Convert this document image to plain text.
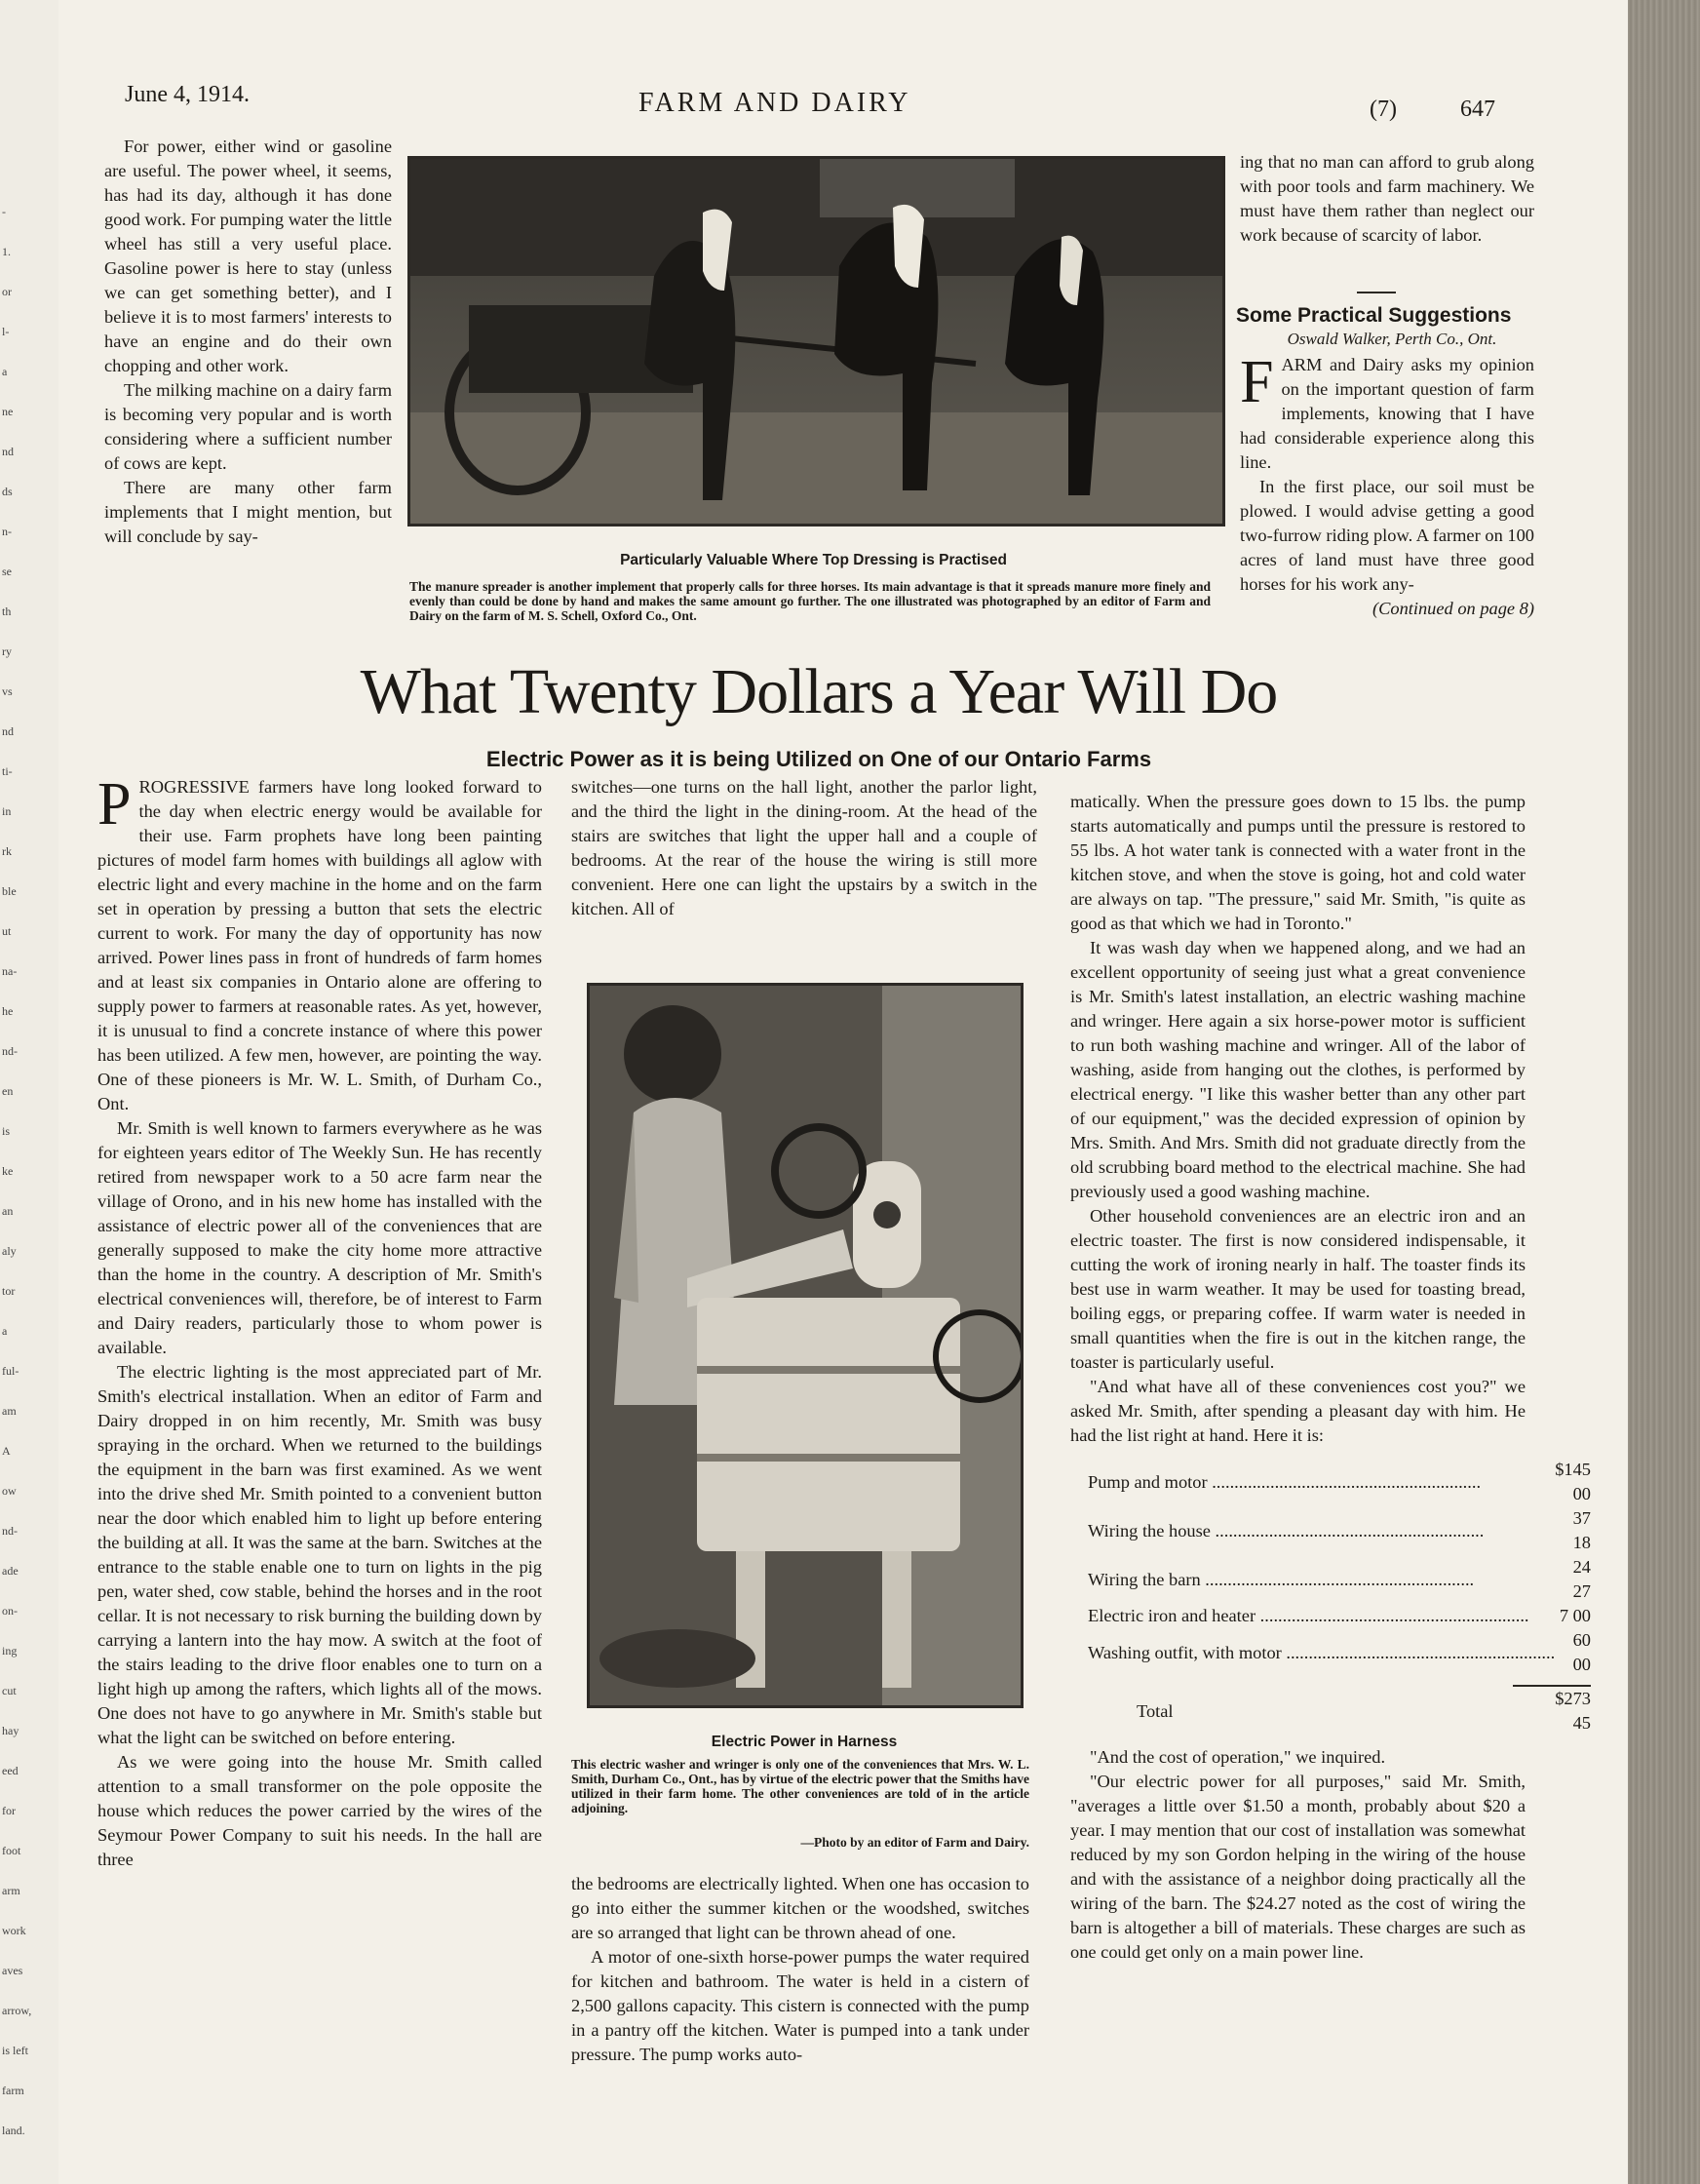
-
1.
or
l-
a
ne
nd
ds
n-
se
th
ry
vs
nd
ti-
in
rk
ble
ut
na-
he
nd-
en
is
ke
an
aly
tor
a
ful-
am
A
ow
nd-
ade
on-
ing
cut
hay
eed
for
foot
arm
work
aves
arrow,
is left
farm
land.
June 4, 1914.	FARM AND DAIRY	(7)	647

For power, either wind or gasoline are useful. The power wheel, it seems, has had its day, although it has done good work. For pumping water the little wheel has still a very useful place. Gasoline power is here to stay (unless we can get something better), and I believe it is to most farmers' interests to have an engine and do their own chopping and other work.

The milking machine on a dairy farm is becoming very popular and is worth considering where a sufficient number of cows are kept.

There are many other farm implements that I might mention, but will conclude by say-

Particularly Valuable Where Top Dressing is Practised
The manure spreader is another implement that properly calls for three horses. Its main advantage is that it spreads manure more finely and evenly than could be done by hand and makes the same amount go further. The one illustrated was photographed by an editor of Farm and Dairy on the farm of M. S. Schell, Oxford Co., Ont.

ing that no man can afford to grub along with poor tools and farm machinery. We must have them rather than neglect our work because of scarcity of labor.

Some Practical Suggestions
Oswald Walker, Perth Co., Ont.
F ARM and Dairy asks my opinion on the important question of farm implements, knowing that I have had considerable experience along this line.

In the first place, our soil must be plowed. I would advise getting a good two-furrow riding plow. A farmer on 100 acres of land must have three good horses for his work any-

(Continued on page 8)

What Twenty Dollars a Year Will Do
Electric Power as it is being Utilized on One of our Ontario Farms
P ROGRESSIVE farmers have long looked forward to the day when electric energy would be available for their use. Farm prophets have long been painting pictures of model farm homes with buildings all aglow with electric light and every machine in the home and on the farm set in operation by pressing a button that sets the electric current to work. For many the day of opportunity has now arrived. Power lines pass in front of hundreds of farm homes and at least six companies in Ontario alone are offering to supply power to farmers at reasonable rates. As yet, however, it is unusual to find a concrete instance of where this power has been utilized. A few men, however, are pointing the way. One of these pioneers is Mr. W. L. Smith, of Durham Co., Ont.

Mr. Smith is well known to farmers everywhere as he was for eighteen years editor of The Weekly Sun. He has recently retired from newspaper work to a 50 acre farm near the village of Orono, and in his new home has installed with the assistance of electric power all of the conveniences that are generally supposed to make the city home more attractive than the home in the country. A description of Mr. Smith's electrical conveniences will, therefore, be of interest to Farm and Dairy readers, particularly those to whom power is available.

The electric lighting is the most appreciated part of Mr. Smith's electrical installation. When an editor of Farm and Dairy dropped in on him recently, Mr. Smith was busy spraying in the orchard. When we returned to the buildings the equipment in the barn was first examined. As we went into the drive shed Mr. Smith pointed to a convenient button near the door which enabled him to light up before entering the building at all. It was the same at the barn. Switches at the entrance to the stable enable one to turn on lights in the pig pen, water shed, cow stable, behind the horses and in the root cellar. It is not necessary to risk burning the building down by carrying a lantern into the hay mow. A switch at the foot of the stairs leading to the drive floor enables one to turn on a light high up among the rafters, which lights all of the mows. One does not have to go anywhere in Mr. Smith's stable but what the light can be switched on before entering.

As we were going into the house Mr. Smith called attention to a small transformer on the pole opposite the house which reduces the power carried by the wires of the Seymour Power Company to suit his needs. In the hall are three

switches—one turns on the hall light, another the parlor light, and the third the light in the dining-room. At the head of the stairs are switches that light the upper hall and a couple of bedrooms. At the rear of the house the wiring is still more convenient. Here one can light the upstairs by a switch in the kitchen. All of

Electric Power in Harness
This electric washer and wringer is only one of the conveniences that Mrs. W. L. Smith, Durham Co., Ont., has by virtue of the electric power that the Smiths have utilized in their farm home. The other conveniences are told of in the article adjoining.
—Photo by an editor of Farm and Dairy.

the bedrooms are electrically lighted. When one has occasion to go into either the summer kitchen or the woodshed, switches are so arranged that light can be thrown ahead of one.

A motor of one-sixth horse-power pumps the water required for kitchen and bathroom. The water is held in a cistern of 2,500 gallons capacity. This cistern is connected with the pump in a pantry off the kitchen. Water is pumped into a tank under pressure. The pump works auto-

matically. When the pressure goes down to 15 lbs. the pump starts automatically and pumps until the pressure is restored to 55 lbs. A hot water tank is connected with a water front in the kitchen stove, and when the stove is going, hot and cold water are always on tap. "The pressure," said Mr. Smith, "is quite as good as that which we had in Toronto."

It was wash day when we happened along, and we had an excellent opportunity of seeing just what a great convenience is Mr. Smith's latest installation, an electric washing machine and wringer. Here again a six horse-power motor is sufficient to run both washing machine and wringer. All of the labor of washing, aside from hanging out the clothes, is performed by electrical energy. "I like this washer better than any other part of our equipment," was the decided expression of opinion by Mrs. Smith. And Mrs. Smith did not graduate directly from the old scrubbing board method to the electrical machine. She had previously used a good washing machine.

Other household conveniences are an electric iron and an electric toaster. The first is now considered indispensable, it cutting the work of ironing nearly in half. The toaster finds its best use in warm weather. It may be used for toasting bread, boiling eggs, or preparing coffee. If warm water is needed in small quantities when the fire is out in the kitchen range, the toaster is particularly useful.

"And what have all of these conveniences cost you?" we asked Mr. Smith, after spending a pleasant day with him. He had the list right at hand. Here it is:

Pump and motor ............................................................	$145 00
Wiring the house ............................................................	37 18
Wiring the barn ............................................................	24 27
Electric iron and heater ............................................................	7 00
Washing outfit, with motor ............................................................	60 00

Total	$273 45

"And the cost of operation," we inquired.

"Our electric power for all purposes," said Mr. Smith, "averages a little over $1.50 a month, probably about $20 a year. I may mention that our cost of installation was somewhat reduced by my son Gordon helping in the wiring of the house and with the assistance of a neighbor doing practically all the wiring of the barn. The $24.27 noted as the cost of wiring the barn is altogether a bill of materials. These charges are such as one could get only on a main power line.
